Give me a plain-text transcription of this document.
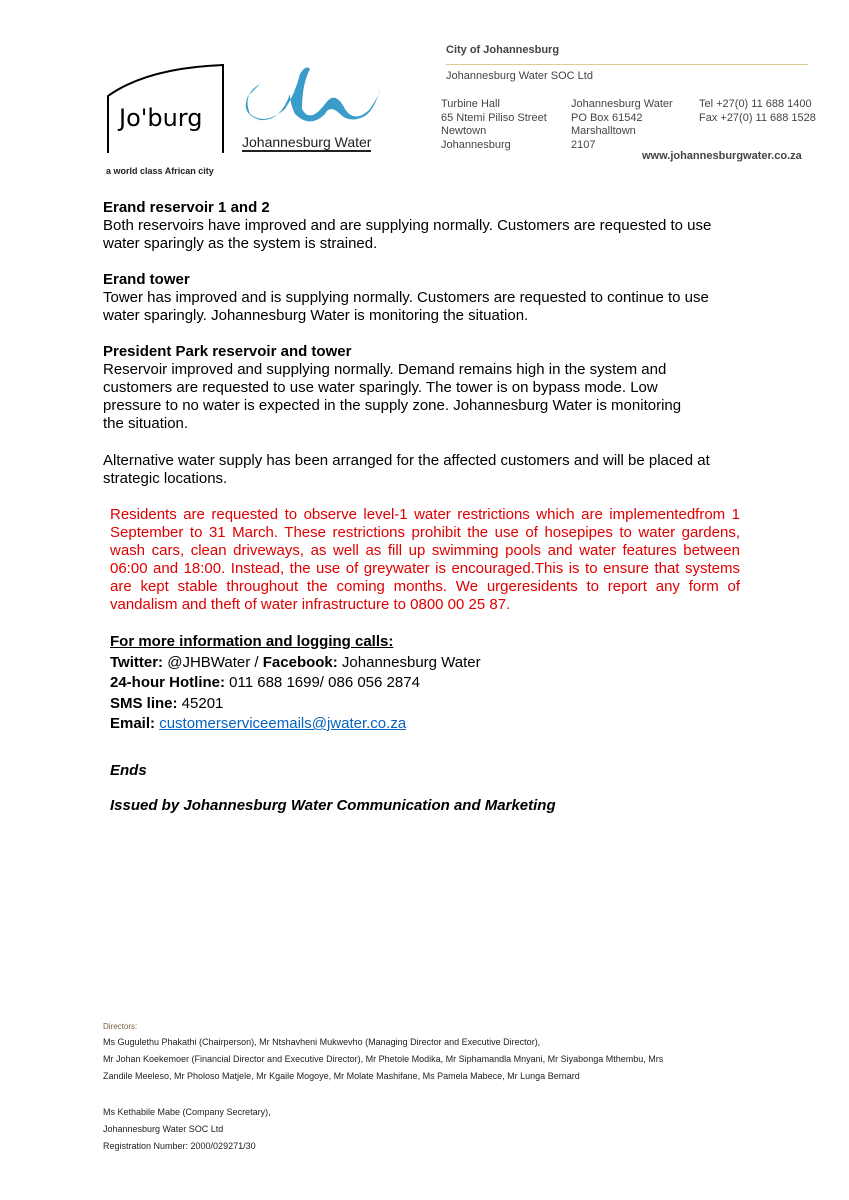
Jo'burg
a world class African city
Johannesburg Water
City of Johannesburg
Johannesburg Water SOC Ltd
Turbine Hall
65 Ntemi Piliso Street
Newtown
Johannesburg
Johannesburg Water
PO Box 61542
Marshalltown
2107
Tel +27(0) 11 688 1400
Fax +27(0) 11 688 1528
www.johannesburgwater.co.za
Erand reservoir 1 and 2
Both reservoirs have improved and are supplying normally. Customers are requested to use water sparingly as the system is strained.
Erand tower
Tower has improved and is supplying normally. Customers are requested to continue to use water sparingly. Johannesburg Water is monitoring the situation.
President Park reservoir and tower
Reservoir improved and supplying normally. Demand remains high in the system and customers are requested to use water sparingly. The tower is on bypass mode. Low pressure to no water is expected in the supply zone. Johannesburg Water is monitoring the situation.
Alternative water supply has been arranged for the affected customers and will be placed at strategic locations.
Residents are requested to observe level-1 water restrictions which are implementedfrom 1 September to 31 March. These restrictions prohibit the use of hosepipes to water gardens, wash cars, clean driveways, as well as fill up swimming pools and water features between 06:00 and 18:00. Instead, the use of greywater is encouraged.This is to ensure that systems are kept stable throughout the coming months. We urgeresidents to report any form of vandalism and theft of water infrastructure to 0800 00 25 87.
For more information and logging calls:
Twitter: @JHBWater / Facebook: Johannesburg Water
24-hour Hotline: 011 688 1699/ 086 056 2874
SMS line: 45201
Email: customerserviceemails@jwater.co.za
Ends
Issued by Johannesburg Water Communication and Marketing
Directors:
Ms Gugulethu Phakathi (Chairperson), Mr Ntshavheni Mukwevho (Managing Director and Executive Director),
Mr Johan Koekemoer (Financial Director and Executive Director), Mr Phetole Modika, Mr Siphamandla Mnyani, Mr Siyabonga Mthembu, Mrs
Zandile Meeleso, Mr Pholoso Matjele, Mr Kgaile Mogoye, Mr Molate Mashifane, Ms Pamela Mabece, Mr Lunga Bernard
Ms Kethabile Mabe (Company Secretary),
Johannesburg Water SOC Ltd
Registration Number: 2000/029271/30
